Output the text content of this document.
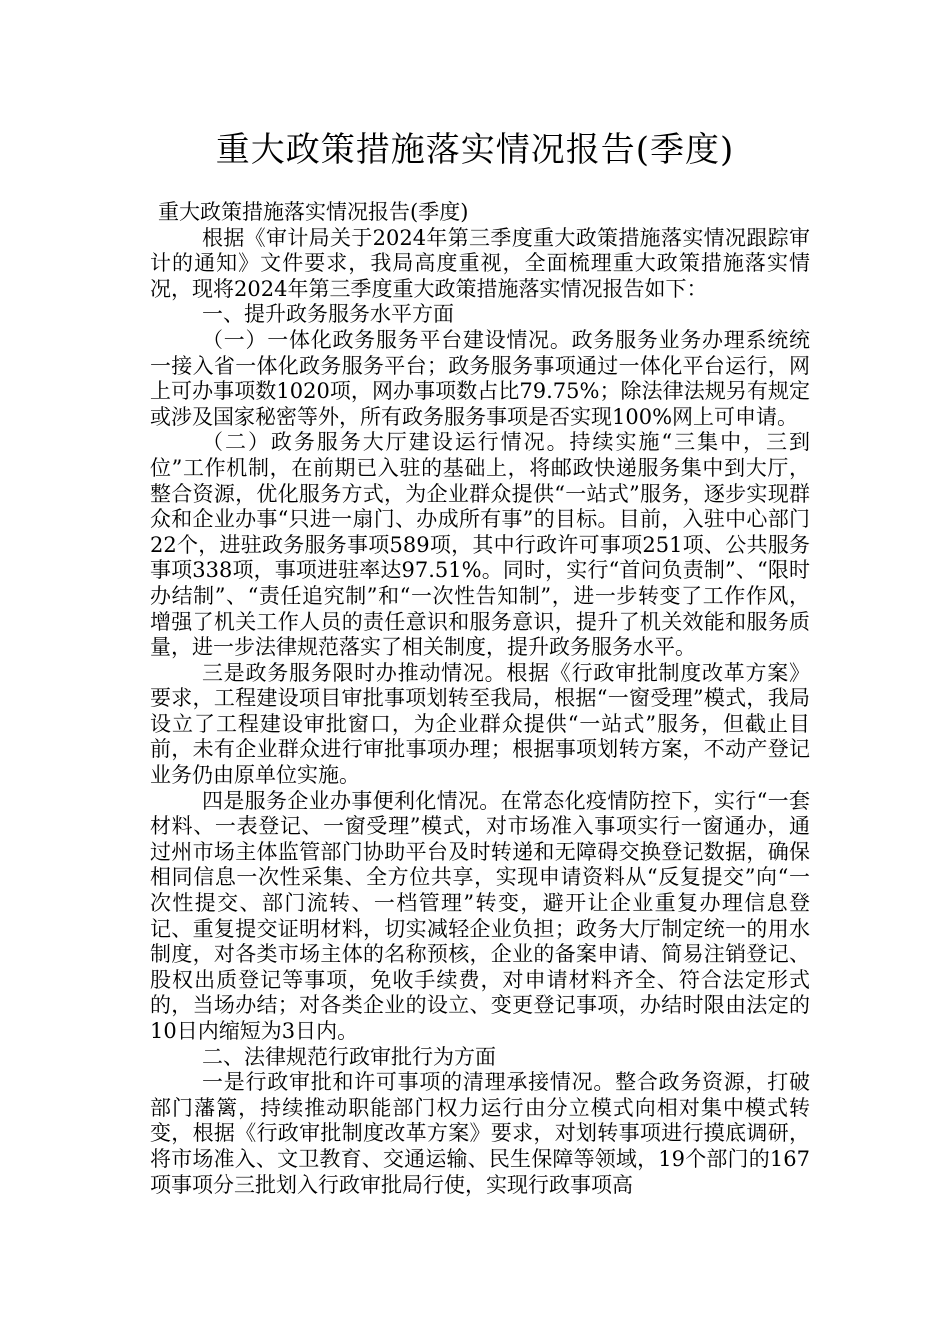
重大政策措施落实情况报告(季度)

重大政策措施落实情况报告(季度)

根据《审计局关于2024年第三季度重大政策措施落实情况跟踪审计的通知》文件要求，我局高度重视，全面梳理重大政策措施落实情况，现将2024年第三季度重大政策措施落实情况报告如下：

一、提升政务服务水平方面

（一）一体化政务服务平台建设情况。政务服务业务办理系统统一接入省一体化政务服务平台；政务服务事项通过一体化平台运行，网上可办事项数1020项，网办事项数占比79.75%；除法律法规另有规定或涉及国家秘密等外，所有政务服务事项是否实现100%网上可申请。

（二）政务服务大厅建设运行情况。持续实施“三集中，三到位”工作机制，在前期已入驻的基础上，将邮政快递服务集中到大厅，整合资源，优化服务方式，为企业群众提供“一站式”服务，逐步实现群众和企业办事“只进一扇门、办成所有事”的目标。目前，入驻中心部门22个，进驻政务服务事项589项，其中行政许可事项251项、公共服务事项338项，事项进驻率达97.51%。同时，实行“首问负责制”、“限时办结制”、“责任追究制”和“一次性告知制”，进一步转变了工作作风，增强了机关工作人员的责任意识和服务意识，提升了机关效能和服务质量，进一步法律规范落实了相关制度，提升政务服务水平。

三是政务服务限时办推动情况。根据《行政审批制度改革方案》要求，工程建设项目审批事项划转至我局，根据“一窗受理”模式，我局设立了工程建设审批窗口，为企业群众提供“一站式”服务，但截止目前，未有企业群众进行审批事项办理；根据事项划转方案，不动产登记业务仍由原单位实施。

四是服务企业办事便利化情况。在常态化疫情防控下，实行“一套材料、一表登记、一窗受理”模式，对市场准入事项实行一窗通办，通过州市场主体监管部门协助平台及时转递和无障碍交换登记数据，确保相同信息一次性采集、全方位共享，实现申请资料从“反复提交”向“一次性提交、部门流转、一档管理”转变，避开让企业重复办理信息登记、重复提交证明材料，切实减轻企业负担；政务大厅制定统一的用水制度，对各类市场主体的名称预核，企业的备案申请、简易注销登记、股权出质登记等事项，免收手续费，对申请材料齐全、符合法定形式的，当场办结；对各类企业的设立、变更登记事项，办结时限由法定的10日内缩短为3日内。

二、法律规范行政审批行为方面

一是行政审批和许可事项的清理承接情况。整合政务资源，打破部门藩篱，持续推动职能部门权力运行由分立模式向相对集中模式转变，根据《行政审批制度改革方案》要求，对划转事项进行摸底调研，将市场准入、文卫教育、交通运输、民生保障等领域，19个部门的167项事项分三批划入行政审批局行使，实现行政事项高
